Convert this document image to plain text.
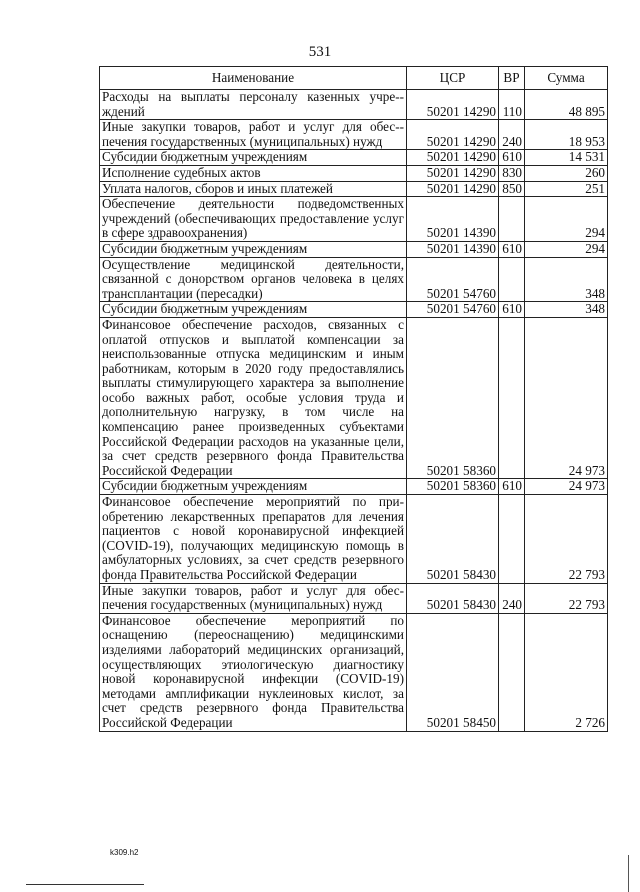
531
Наименование	ЦСР	ВР	Сумма
Расходы на выплаты персоналу казенных учре-ждений	50201 14290	110	48 895
Иные закупки товаров, работ и услуг для обес-печения государственных (муниципальных) нужд	50201 14290	240	18 953
Субсидии бюджетным учреждениям	50201 14290	610	14 531
Исполнение судебных актов	50201 14290	830	260
Уплата налогов, сборов и иных платежей	50201 14290	850	251
Обеспечение деятельности подведомственных учреждений (обеспечивающих предоставление услуг в сфере здравоохранения)	50201 14390		294
Субсидии бюджетным учреждениям	50201 14390	610	294
Осуществление медицинской деятельности, связанной с донорством органов человека в целях трансплантации (пересадки)	50201 54760		348
Субсидии бюджетным учреждениям	50201 54760	610	348
Финансовое обеспечение расходов, связанных с оплатой отпусков и выплатой компенсации за неиспользованные отпуска медицинским и иным работникам, которым в 2020 году предоставлялись выплаты стимулирующего характера за выполнение особо важных работ, особые условия труда и дополнительную нагрузку, в том числе на компенсацию ранее произведенных субъектами Российской Федерации расходов на указанные цели, за счет средств резервного фонда Правительства Российской Федерации	50201 58360		24 973
Субсидии бюджетным учреждениям	50201 58360	610	24 973
Финансовое обеспечение мероприятий по приобретению лекарственных препаратов для лечения пациентов с новой коронавирусной инфекцией (COVID-19), получающих медицинскую помощь в амбулаторных условиях, за счет средств резервного фонда Правительства Российской Федерации	50201 58430		22 793
Иные закупки товаров, работ и услуг для обеспечения государственных (муниципальных) нужд	50201 58430	240	22 793
Финансовое обеспечение мероприятий по оснащению (переоснащению) медицинскими изделиями лабораторий медицинских организаций, осуществляющих этиологическую диагностику новой коронавирусной инфекции (COVID-19) методами амплификации нуклеиновых кислот, за счет средств резервного фонда Правительства Российской Федерации	50201 58450		2 726
k309.h2
